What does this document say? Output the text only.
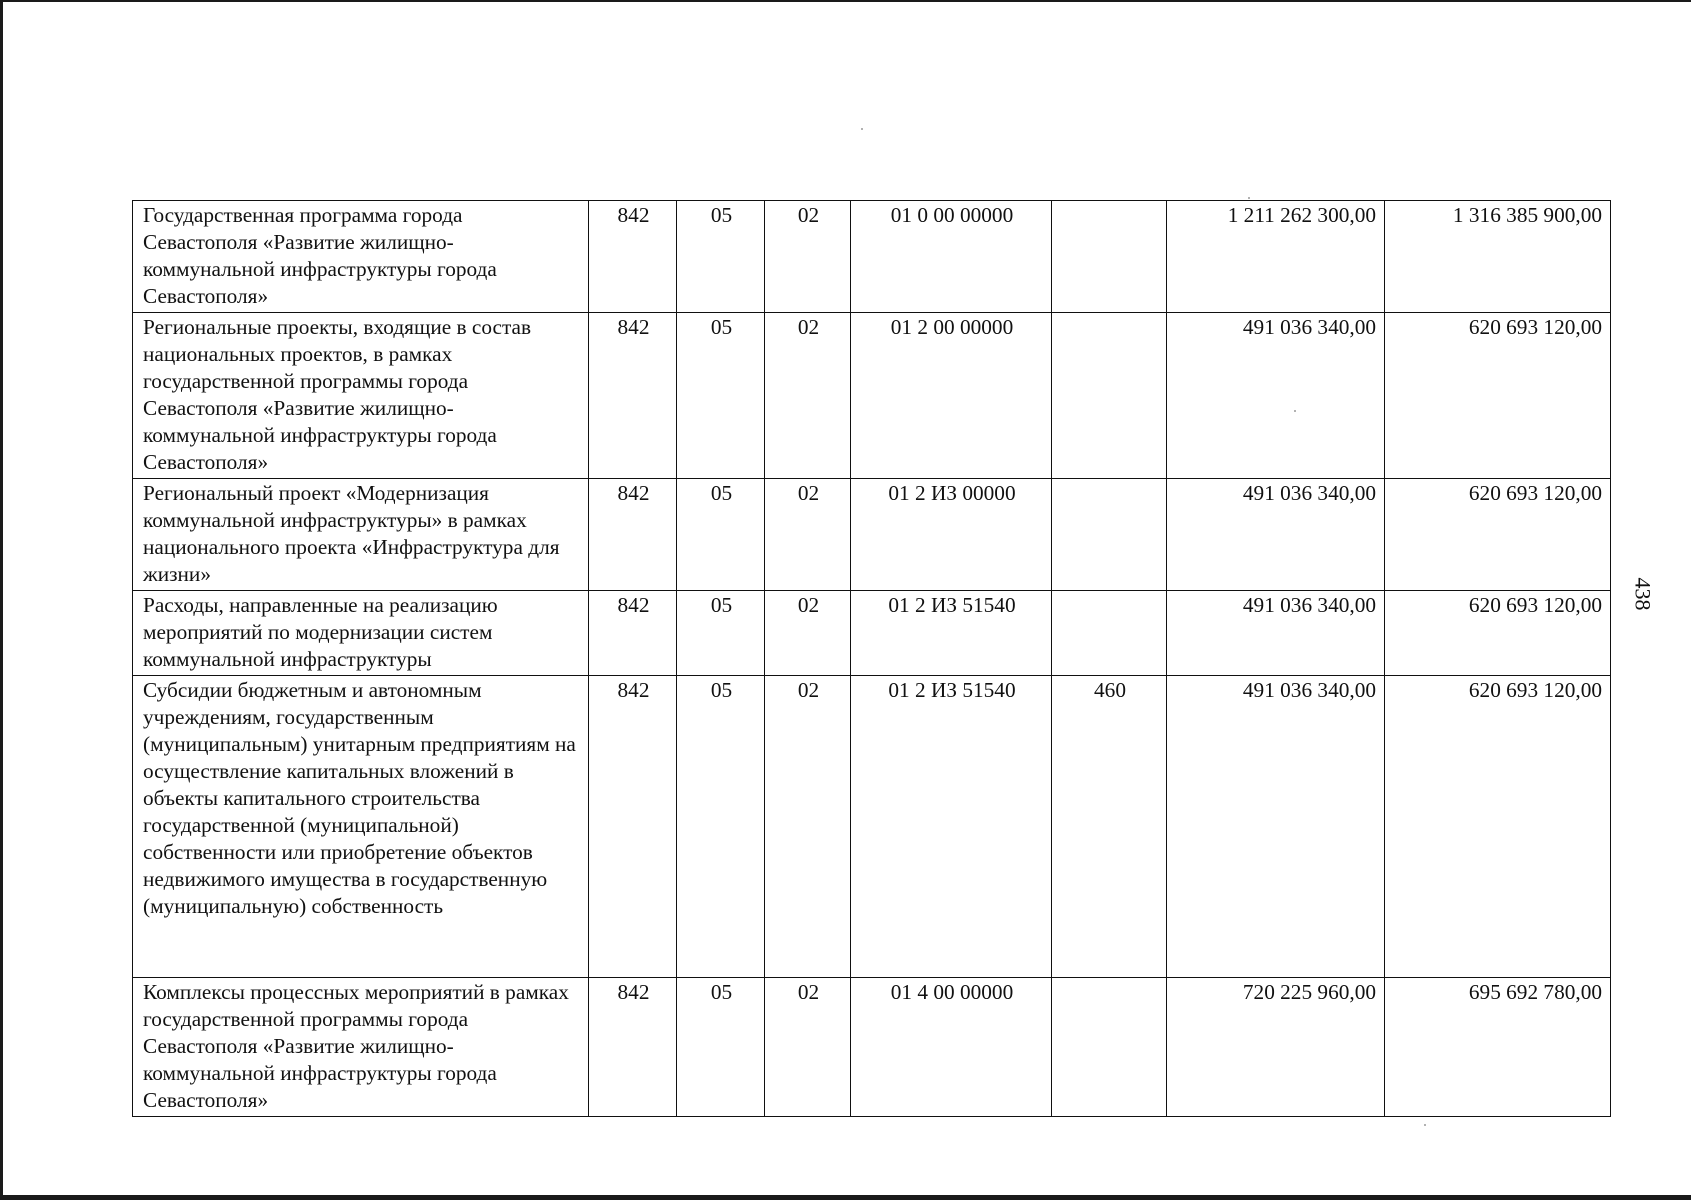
438
Государственная программа города Севастополя «Развитие жилищно-коммунальной инфраструктуры города Севастополя»	842	05	02	01 0 00 00000		1 211 262 300,00	1 316 385 900,00
Региональные проекты, входящие в состав национальных проектов, в рамках государственной программы города Севастополя «Развитие жилищно-коммунальной инфраструктуры города Севастополя»	842	05	02	01 2 00 00000		491 036 340,00	620 693 120,00
Региональный проект «Модернизация коммунальной инфраструктуры» в рамках национального проекта «Инфраструктура для жизни»	842	05	02	01 2 ИЗ 00000		491 036 340,00	620 693 120,00
Расходы, направленные на реализацию мероприятий по модернизации систем коммунальной инфраструктуры	842	05	02	01 2 ИЗ 51540		491 036 340,00	620 693 120,00
Субсидии бюджетным и автономным учреждениям, государственным (муниципальным) унитарным предприятиям на осуществление капитальных вложений в объекты капитального строительства государственной (муниципальной) собственности или приобретение объектов недвижимого имущества в государственную (муниципальную) собственность	842	05	02	01 2 ИЗ 51540	460	491 036 340,00	620 693 120,00
Комплексы процессных мероприятий в рамках государственной программы города Севастополя «Развитие жилищно-коммунальной инфраструктуры города Севастополя»	842	05	02	01 4 00 00000		720 225 960,00	695 692 780,00
